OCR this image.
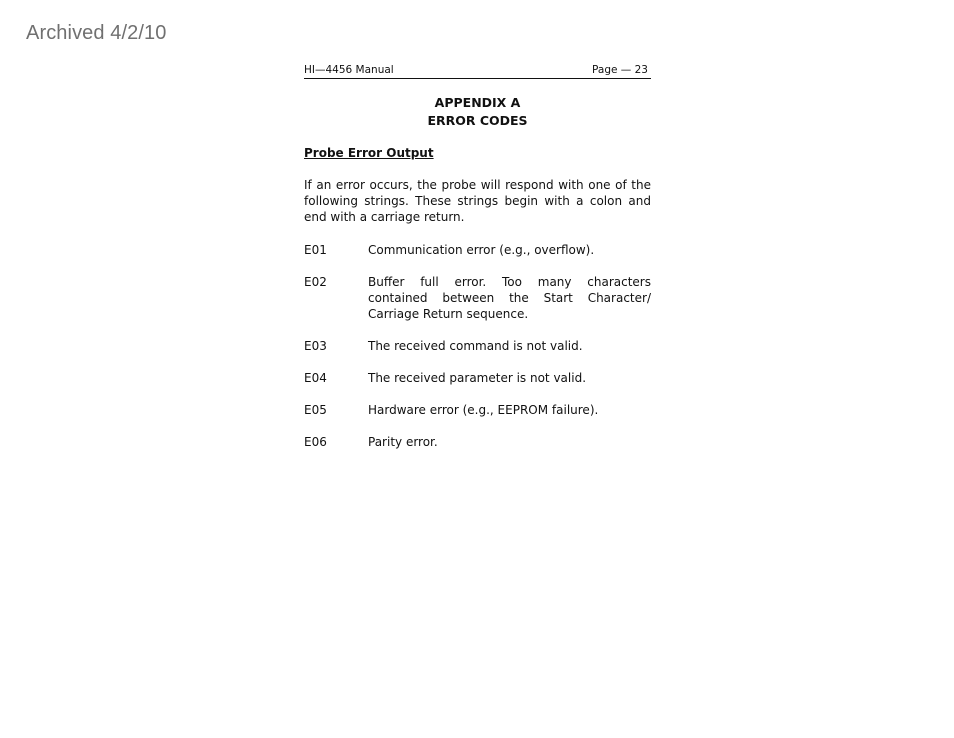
Archived 4/2/10
HI—4456 Manual	Page — 23
APPENDIX A
ERROR CODES
Probe Error Output
If an error occurs, the probe will respond with one of the following strings. These strings begin with a colon and end with a carriage return.
E01	Communication error (e.g., overflow).
E02	Buffer full error. Too many characters contained between the Start Character/ Carriage Return sequence.
E03	The received command is not valid.
E04	The received parameter is not valid.
E05	Hardware error (e.g., EEPROM failure).
E06	Parity error.
